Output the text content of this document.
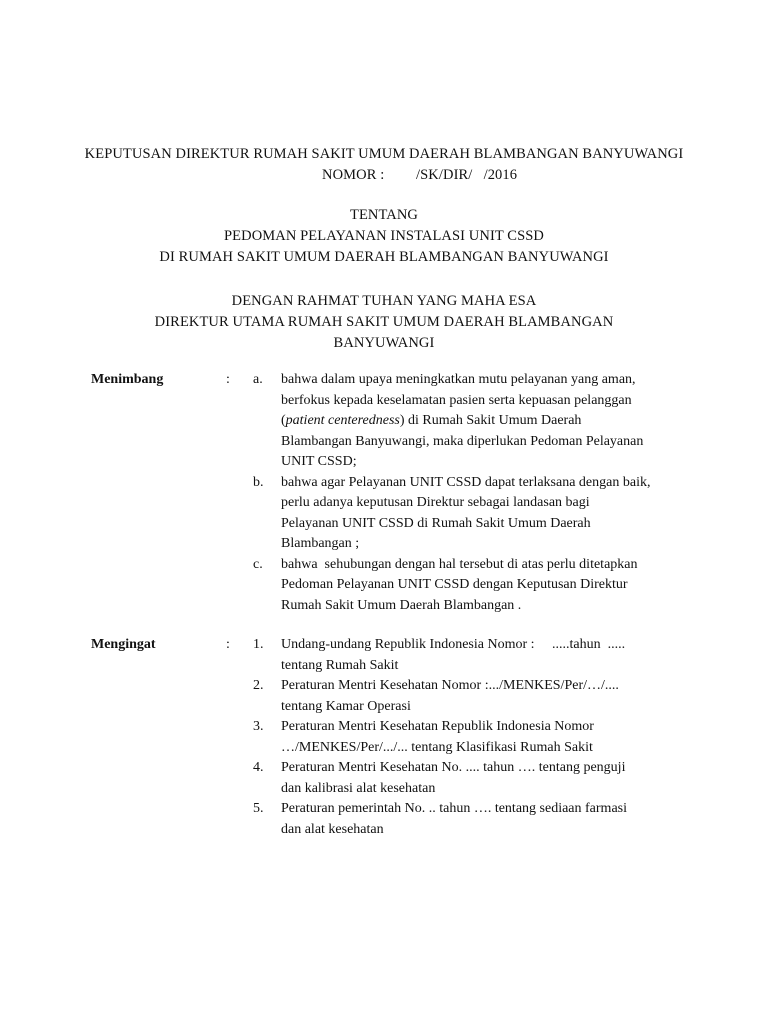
KEPUTUSAN DIREKTUR RUMAH SAKIT UMUM DAERAH BLAMBANGAN BANYUWANGI
NOMOR :	/SK/DIR/   /2016
TENTANG
PEDOMAN PELAYANAN INSTALASI UNIT CSSD
DI RUMAH SAKIT UMUM DAERAH BLAMBANGAN BANYUWANGI
DENGAN RAHMAT TUHAN YANG MAHA ESA
DIREKTUR UTAMA RUMAH SAKIT UMUM DAERAH BLAMBANGAN
BANYUWANGI
Menimbang	: a.	bahwa dalam upaya meningkatkan mutu pelayanan yang aman,
berfokus kepada keselamatan pasien serta kepuasan pelanggan
(patient centeredness) di Rumah Sakit Umum Daerah
Blambangan Banyuwangi, maka diperlukan Pedoman Pelayanan
UNIT CSSD;
b.	bahwa agar Pelayanan UNIT CSSD dapat terlaksana dengan baik,
perlu adanya keputusan Direktur sebagai landasan bagi
Pelayanan UNIT CSSD di Rumah Sakit Umum Daerah
Blambangan ;
c.	bahwa  sehubungan dengan hal tersebut di atas perlu ditetapkan
Pedoman Pelayanan UNIT CSSD dengan Keputusan Direktur
Rumah Sakit Umum Daerah Blambangan .
Mengingat	: 1.	Undang-undang Republik Indonesia Nomor :     .....tahun  .....
tentang Rumah Sakit
2.	Peraturan Mentri Kesehatan Nomor :.../MENKES/Per/…/....
tentang Kamar Operasi
3.	Peraturan Mentri Kesehatan Republik Indonesia Nomor
…/MENKES/Per/.../... tentang Klasifikasi Rumah Sakit
4.	Peraturan Mentri Kesehatan No. .... tahun …. tentang penguji
dan kalibrasi alat kesehatan
5.	Peraturan pemerintah No. .. tahun …. tentang sediaan farmasi
dan alat kesehatan
